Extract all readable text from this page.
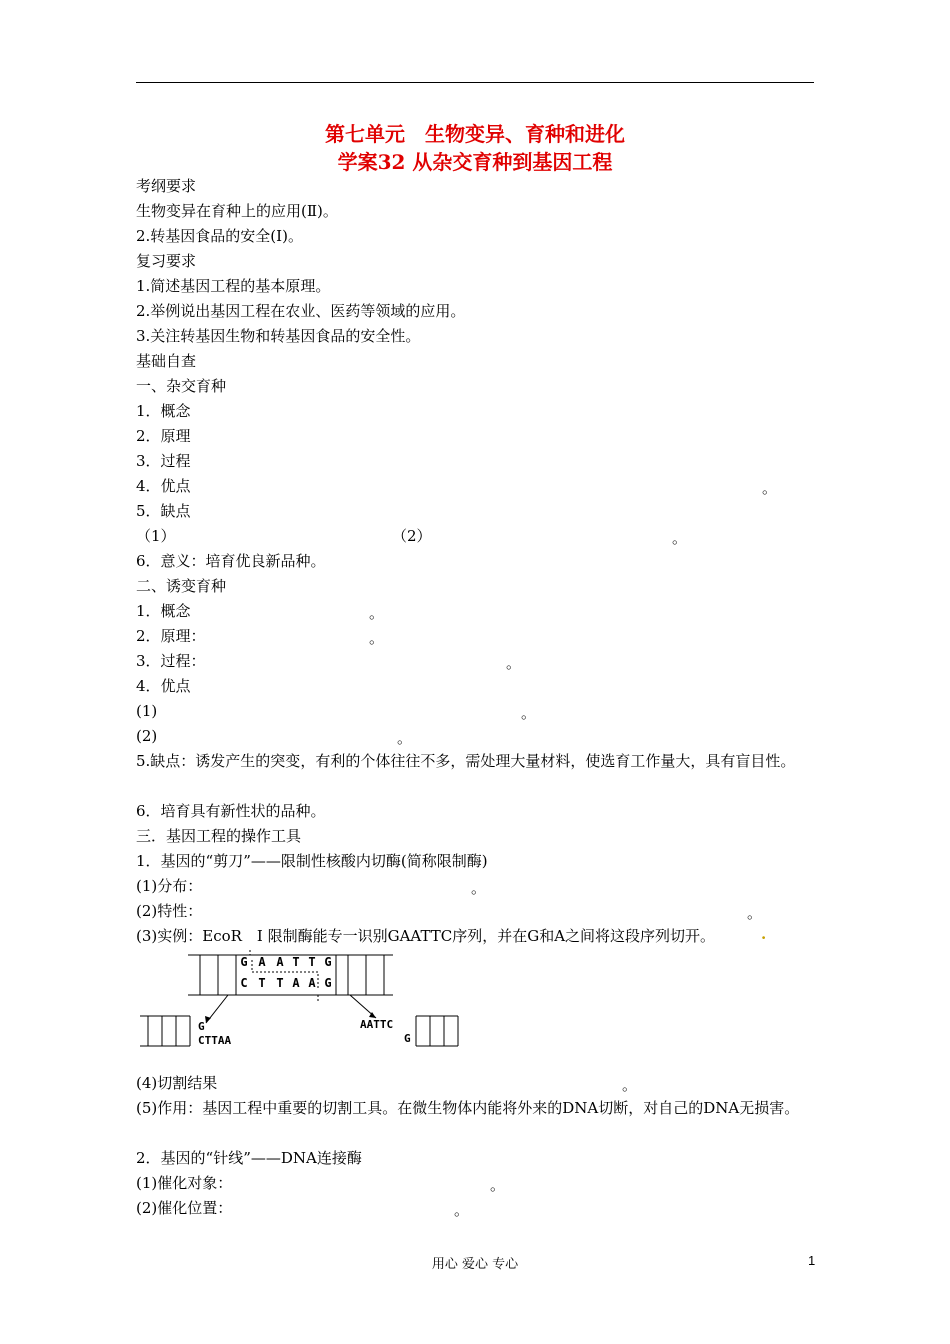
第七单元　生物变异、育种和进化
学案32 从杂交育种到基因工程
考纲要求
生物变异在育种上的应用(Ⅱ)。
2.转基因食品的安全(Ⅰ)。
复习要求
1.简述基因工程的基本原理。
2.举例说出基因工程在农业、医药等领域的应用。
3.关注转基因生物和转基因食品的安全性。
基础自查
一、杂交育种
1．概念
2．原理
3．过程
4．优点	。
5．缺点
（1）	（2）	。
6．意义：培育优良新品种。
二、诱变育种
1．概念	。
2．原理：	。
3．过程：	。
4．优点
(1)	。
(2)	。
5.缺点：诱发产生的突变，有利的个体往往不多，需处理大量材料，使选育工作量大，具有盲目性。
6．培育具有新性状的品种。
三．基因工程的操作工具
1．基因的“剪刀”——限制性核酸内切酶(简称限制酶)
(1)分布：	。
(2)特性：	。
(3)实例：EcoR　Ⅰ 限制酶能专一识别GAATTC序列，并在G和A之间将这段序列切开。	.
G A A T T G
C T T A A G
G
CTTAA
AATTC
G
(4)切割结果	。
(5)作用：基因工程中重要的切割工具。在微生物体内能将外来的DNA切断，对自己的DNA无损害。
2．基因的“针线”——DNA连接酶
(1)催化对象：	。
(2)催化位置：	。
用心 爱心 专心	1
